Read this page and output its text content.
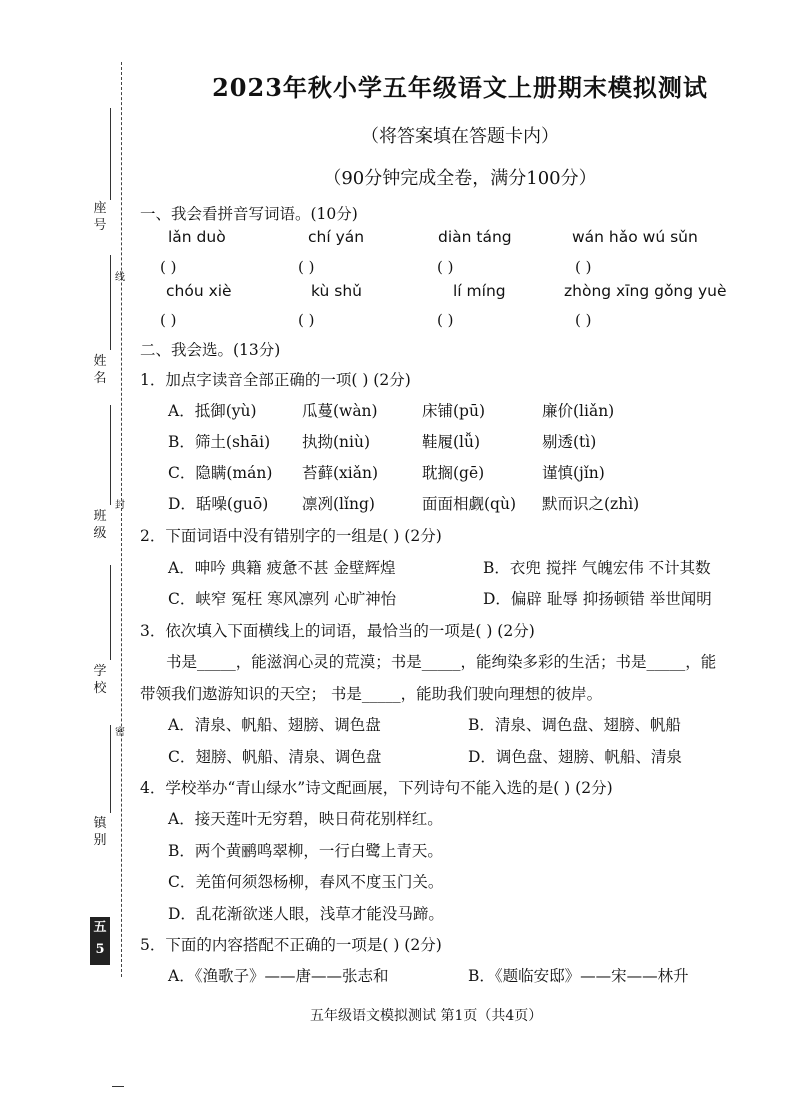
座号
线
姓名
班级
封
学校
密
镇别
五
5
2023年秋小学五年级语文上册期末模拟测试
（将答案填在答题卡内）
（90分钟完成全卷，满分100分）
一、我会看拼音写词语。(10分)
lǎn duò	chí yán	diàn táng	wán hǎo wú sǔn
( )	( )	( )	( )
chóu xiè	kù shǔ	lí míng	zhòng xīng gǒng yuè
( )	( )	( )	( )
二、我会选。(13分)
1．加点字读音全部正确的一项( ) (2分)
A．抵御(yù)	瓜蔓(wàn)	床铺(pū)	廉价(liǎn)
B．筛土(shāi) 执拗(niù)	鞋履(lǚ)	剔透(tì)
C．隐瞒(mán) 苔藓(xiǎn)	耽搁(gē)	谨慎(jǐn)
D．聒噪(guō) 凛冽(lǐng)	面面相觑(qù) 默而识之(zhì)
2．下面词语中没有错别字的一组是( ) (2分)
A．呻吟 典籍 疲惫不甚 金壁辉煌	B．衣兜 搅拌 气魄宏伟 不计其数
C．峡窄 冤枉 寒风凛列 心旷神怡	D．偏辟 耻辱 抑扬顿错 举世闻明
3．依次填入下面横线上的词语，最恰当的一项是( ) (2分)
书是_____，能滋润心灵的荒漠；书是_____，能绚染多彩的生活；书是_____，能
带领我们遨游知识的天空； 书是_____，能助我们驶向理想的彼岸。
A．清泉、帆船、翅膀、调色盘	B．清泉、调色盘、翅膀、帆船
C．翅膀、帆船、清泉、调色盘	D．调色盘、翅膀、帆船、清泉
4．学校举办“青山绿水”诗文配画展，下列诗句不能入选的是( ) (2分)
A．接天莲叶无穷碧，映日荷花别样红。
B．两个黄鹂鸣翠柳，一行白鹭上青天。
C．羌笛何须怨杨柳，春风不度玉门关。
D．乱花渐欲迷人眼，浅草才能没马蹄。
5．下面的内容搭配不正确的一项是( ) (2分)
A．《渔歌子》——唐——张志和	B．《题临安邸》——宋——林升
五年级语文模拟测试 第1页（共4页）
